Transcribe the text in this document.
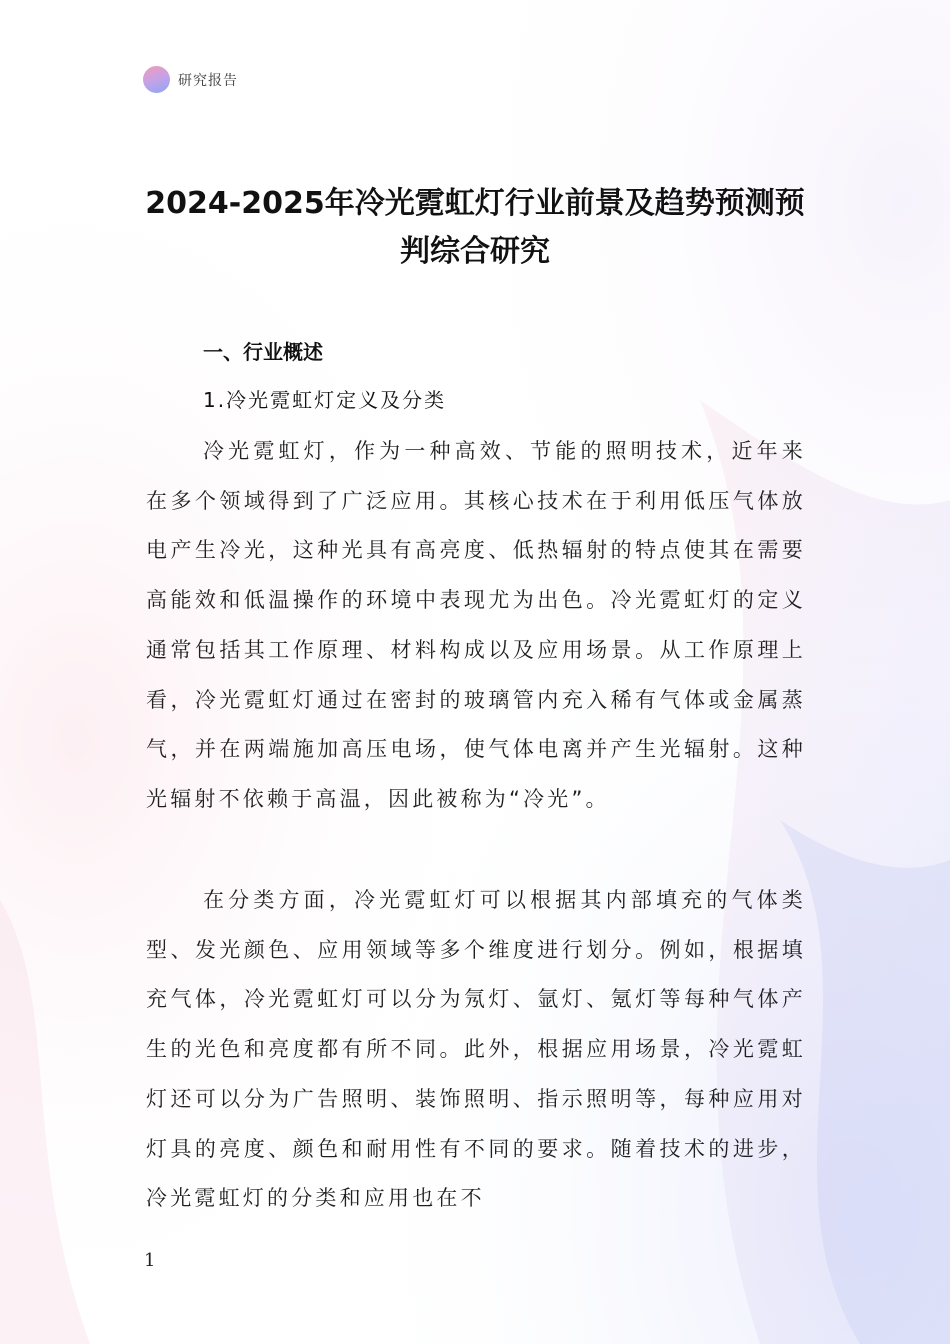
研究报告
2024-2025年冷光霓虹灯行业前景及趋势预测预判综合研究
一、行业概述
1.冷光霓虹灯定义及分类

冷光霓虹灯，作为一种高效、节能的照明技术，近年来在多个领域得到了广泛应用。其核心技术在于利用低压气体放电产生冷光，这种光具有高亮度、低热辐射的特点使其在需要高能效和低温操作的环境中表现尤为出色。冷光霓虹灯的定义通常包括其工作原理、材料构成以及应用场景。从工作原理上看，冷光霓虹灯通过在密封的玻璃管内充入稀有气体或金属蒸气，并在两端施加高压电场，使气体电离并产生光辐射。这种光辐射不依赖于高温，因此被称为“冷光”。

在分类方面，冷光霓虹灯可以根据其内部填充的气体类型、发光颜色、应用领域等多个维度进行划分。例如，根据填充气体，冷光霓虹灯可以分为氖灯、氩灯、氪灯等每种气体产生的光色和亮度都有所不同。此外，根据应用场景，冷光霓虹灯还可以分为广告照明、装饰照明、指示照明等，每种应用对灯具的亮度、颜色和耐用性有不同的要求。随着技术的进步，冷光霓虹灯的分类和应用也在不

1
